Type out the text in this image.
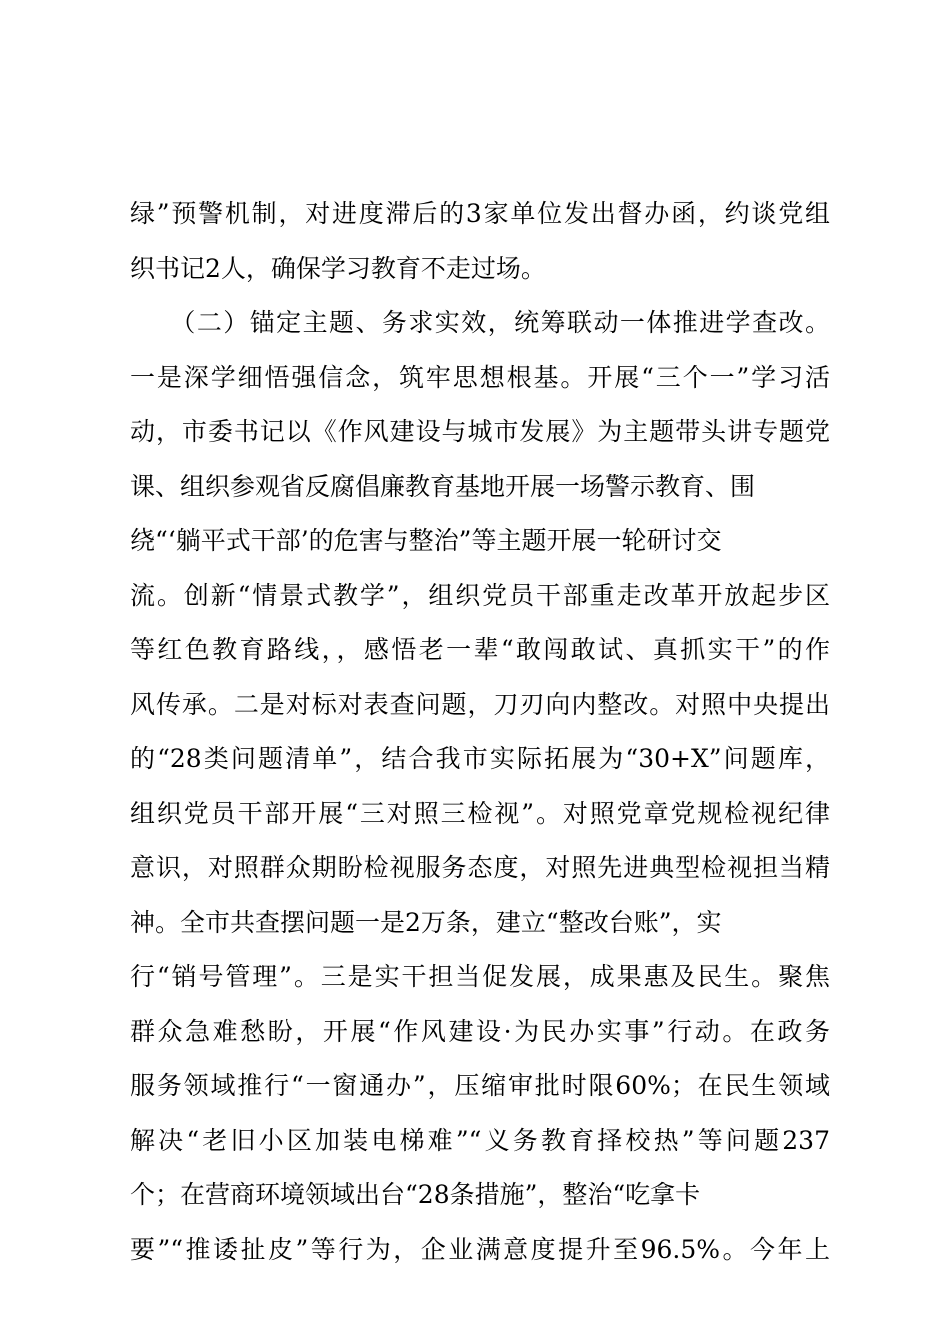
绿”预警机制，对进度滞后的3家单位发出督办函，约谈党组
织书记2人，确保学习教育不走过场。
　　（二）锚定主题、务求实效，统筹联动一体推进学查改。
一是深学细悟强信念，筑牢思想根基。开展“三个一”学习活
动，市委书记以《作风建设与城市发展》为主题带头讲专题党
课、组织参观省反腐倡廉教育基地开展一场警示教育、围
绕“‘躺平式干部’的危害与整治”等主题开展一轮研讨交
流。创新“情景式教学”，组织党员干部重走改革开放起步区
等红色教育路线，，感悟老一辈“敢闯敢试、真抓实干”的作
风传承。二是对标对表查问题，刀刃向内整改。对照中央提出
的“28类问题清单”，结合我市实际拓展为“30+X”问题库，
组织党员干部开展“三对照三检视”。对照党章党规检视纪律
意识，对照群众期盼检视服务态度，对照先进典型检视担当精
神。全市共查摆问题一是2万条，建立“整改台账”，实
行“销号管理”。三是实干担当促发展，成果惠及民生。聚焦
群众急难愁盼，开展“作风建设·为民办实事”行动。在政务
服务领域推行“一窗通办”，压缩审批时限60%；在民生领域
解决“老旧小区加装电梯难”“义务教育择校热”等问题237
个；在营商环境领域出台“28条措施”，整治“吃拿卡
要”“推诿扯皮”等行为，企业满意度提升至96.5%。今年上
